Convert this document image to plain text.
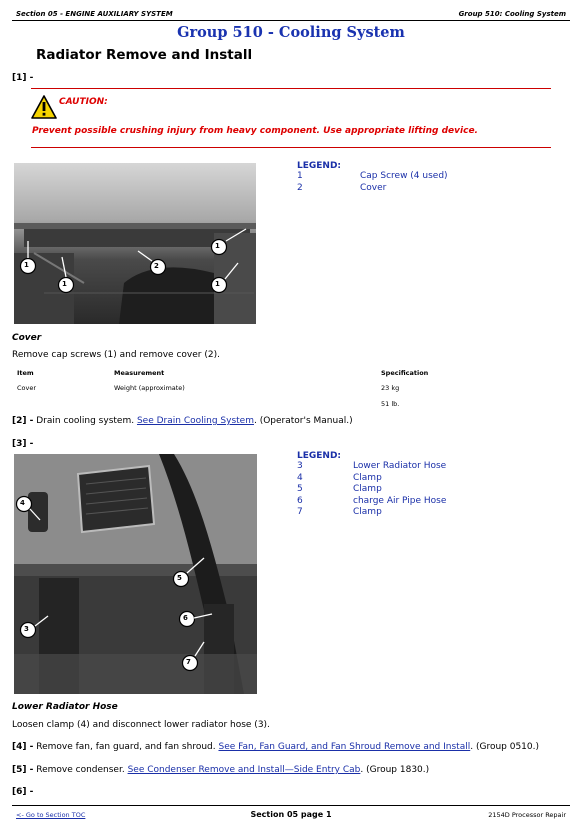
Section 05 - ENGINE AUXILIARY SYSTEM	Group 510: Cooling System
Group 510 - Cooling System
Radiator Remove and Install
[1] -
CAUTION:
Prevent possible crushing injury from heavy component. Use appropriate lifting device.
1
1
2
1
1
LEGEND:
1	Cap Screw (4 used)
2	Cover
Cover
Remove cap screws (1) and remove cover (2).
Item	Measurement	Specification
Cover	Weight (approximate)	23 kg
51 lb.
[2] - Drain cooling system. See Drain Cooling System. (Operator's Manual.)
[3] -
4
5
3
6
7
LEGEND:
3	Lower Radiator Hose
4	Clamp
5	Clamp
6	charge Air Pipe Hose
7	Clamp
Lower Radiator Hose
Loosen clamp (4) and disconnect lower radiator hose (3).
[4] - Remove fan, fan guard, and fan shroud. See Fan, Fan Guard, and Fan Shroud Remove and Install. (Group 0510.)
[5] - Remove condenser. See Condenser Remove and Install—Side Entry Cab. (Group 1830.)
[6] -
<- Go to Section TOC	Section 05 page 1	2154D Processor Repair
